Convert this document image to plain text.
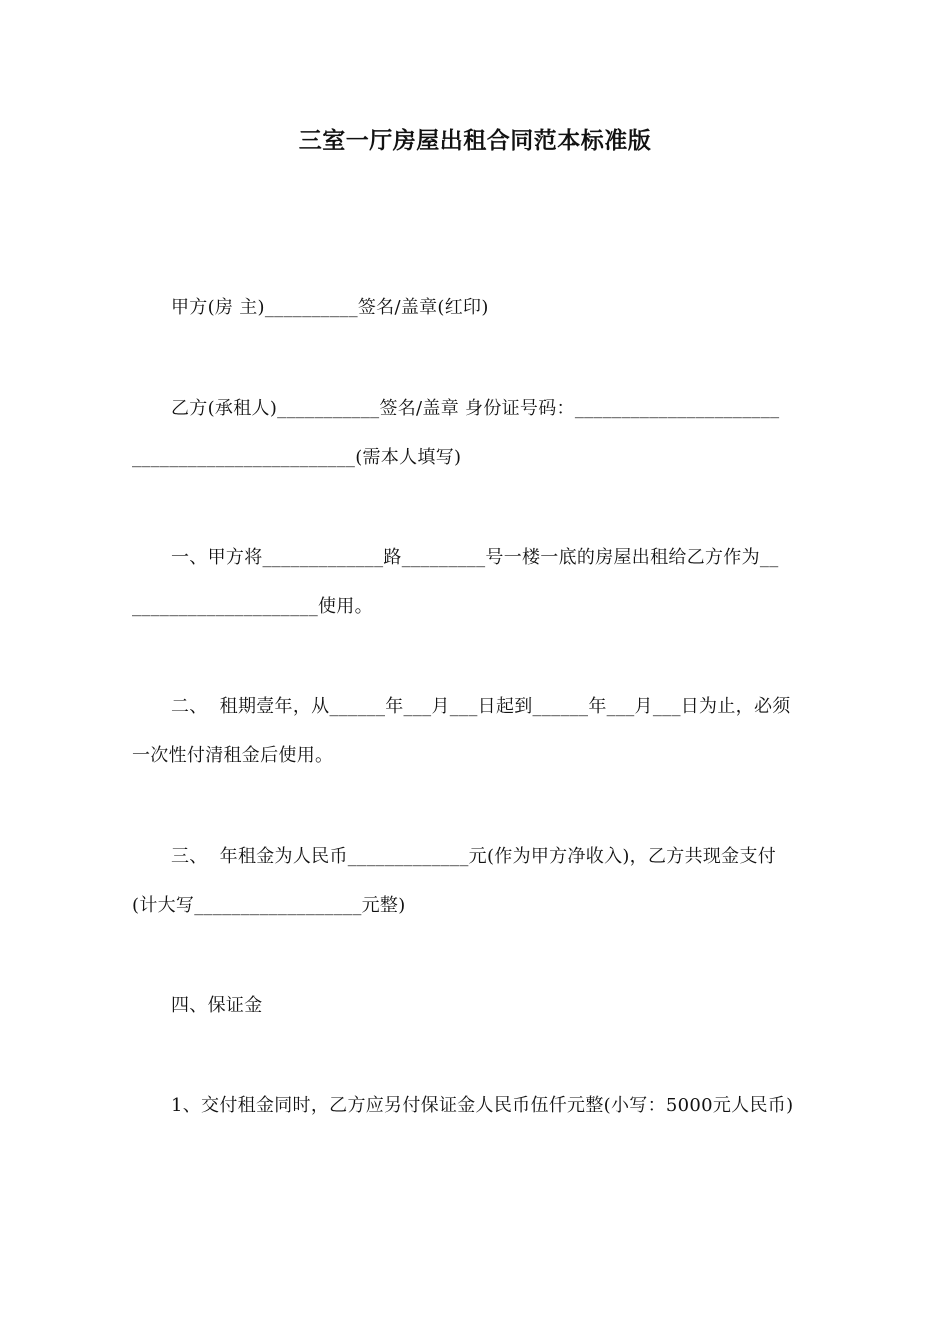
三室一厅房屋出租合同范本标准版
甲方(房 主)__________签名/盖章(红印)
乙方(承租人)___________签名/盖章 身份证号码：______________________
________________________(需本人填写)
一、甲方将_____________路_________号一楼一底的房屋出租给乙方作为__
____________________使用。
二、  租期壹年，从______年___月___日起到______年___月___日为止，必须
一次性付清租金后使用。
三、  年租金为人民币_____________元(作为甲方净收入)，乙方共现金支付
(计大写__________________元整)
四、保证金
1、交付租金同时，乙方应另付保证金人民币伍仟元整(小写：5000元人民币)
